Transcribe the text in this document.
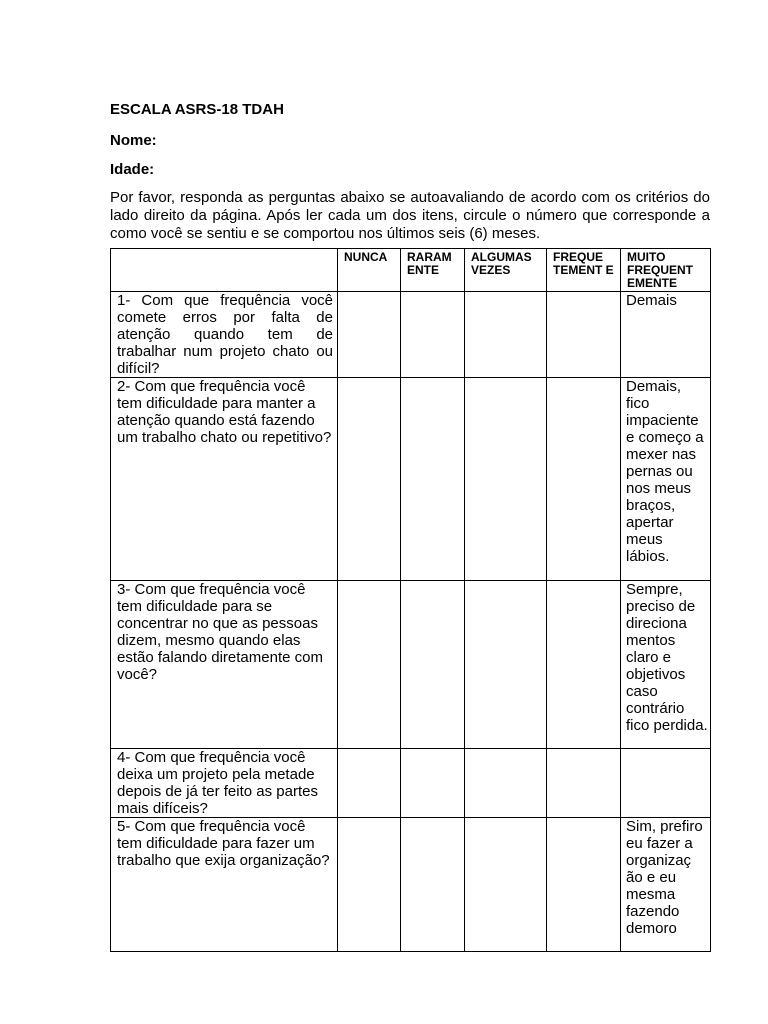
ESCALA ASRS-18 TDAH
Nome:
Idade:
Por favor, responda as perguntas abaixo se autoavaliando de acordo com os critérios do lado direito da página. Após ler cada um dos itens, circule o número que corresponde a como você se sentiu e se comportou nos últimos seis (6) meses.
	NUNCA	RARAM ENTE	ALGUMAS VEZES	FREQUE TEMENT E	MUITO FREQUENT EMENTE
1- Com que frequência você comete erros por falta de atenção quando tem de trabalhar num projeto chato ou difícil?					Demais
2- Com que frequência você tem dificuldade para manter a atenção quando está fazendo um trabalho chato ou repetitivo?					Demais, fico impaciente e começo a mexer nas pernas ou nos meus braços, apertar meus lábios.
3- Com que frequência você tem dificuldade para se concentrar no que as pessoas dizem, mesmo quando elas estão falando diretamente com você?					Sempre, preciso de direciona mentos claro e objetivos caso contrário fico perdida.
4- Com que frequência você deixa um projeto pela metade depois de já ter feito as partes mais difíceis?					
5- Com que frequência você tem dificuldade para fazer um trabalho que exija organização?					Sim, prefiro eu fazer a organizaç ão e eu mesma fazendo demoro
